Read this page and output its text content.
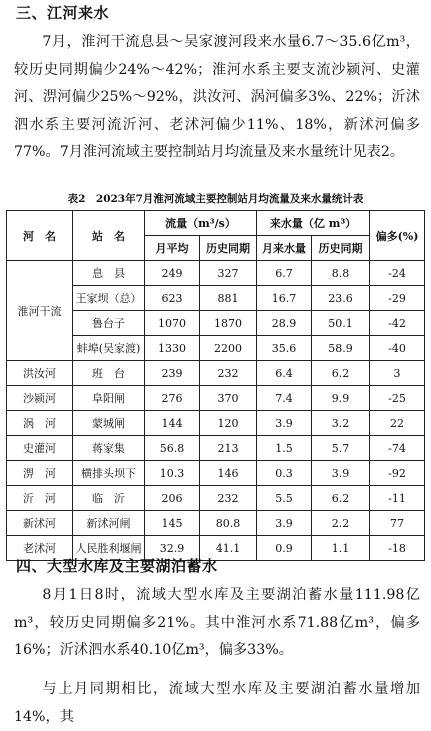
三、江河来水
7月，淮河干流息县～吴家渡河段来水量6.7～35.6亿m³，较历史同期偏少24%～42%；淮河水系主要支流沙颍河、史灌河、淠河偏少25%～92%，洪汝河、涡河偏多3%、22%；沂沭泗水系主要河流沂河、老沭河偏少11%、18%，新沭河偏多77%。7月淮河流域主要控制站月均流量及来水量统计见表2。
表2　2023年7月淮河流域主要控制站月均流量及来水量统计表
河　名	站　名	流量（m³/s）		来水量（亿 m³）		偏多(%)
		月平均	历史同期	月来水量	历史同期	
淮河干流	息　县	249	327	6.7	8.8	-24
	王家坝（总）	623	881	16.7	23.6	-29
	鲁台子	1070	1870	28.9	50.1	-42
	蚌埠(吴家渡)	1330	2200	35.6	58.9	-40
洪汝河	班　台	239	232	6.4	6.2	3
沙颍河	阜阳闸	276	370	7.4	9.9	-25
涡　河	蒙城闸	144	120	3.9	3.2	22
史灌河	蒋家集	56.8	213	1.5	5.7	-74
淠　河	横排头坝下	10.3	146	0.3	3.9	-92
沂　河	临　沂	206	232	5.5	6.2	-11
新沭河	新沭河闸	145	80.8	3.9	2.2	77
老沭河	人民胜利堰闸	32.9	41.1	0.9	1.1	-18
四、大型水库及主要湖泊蓄水
8月1日8时，流域大型水库及主要湖泊蓄水量111.98亿m³，较历史同期偏多21%。其中淮河水系71.88亿m³，偏多16%；沂沭泗水系40.10亿m³，偏多33%。
与上月同期相比，流域大型水库及主要湖泊蓄水量增加14%，其
